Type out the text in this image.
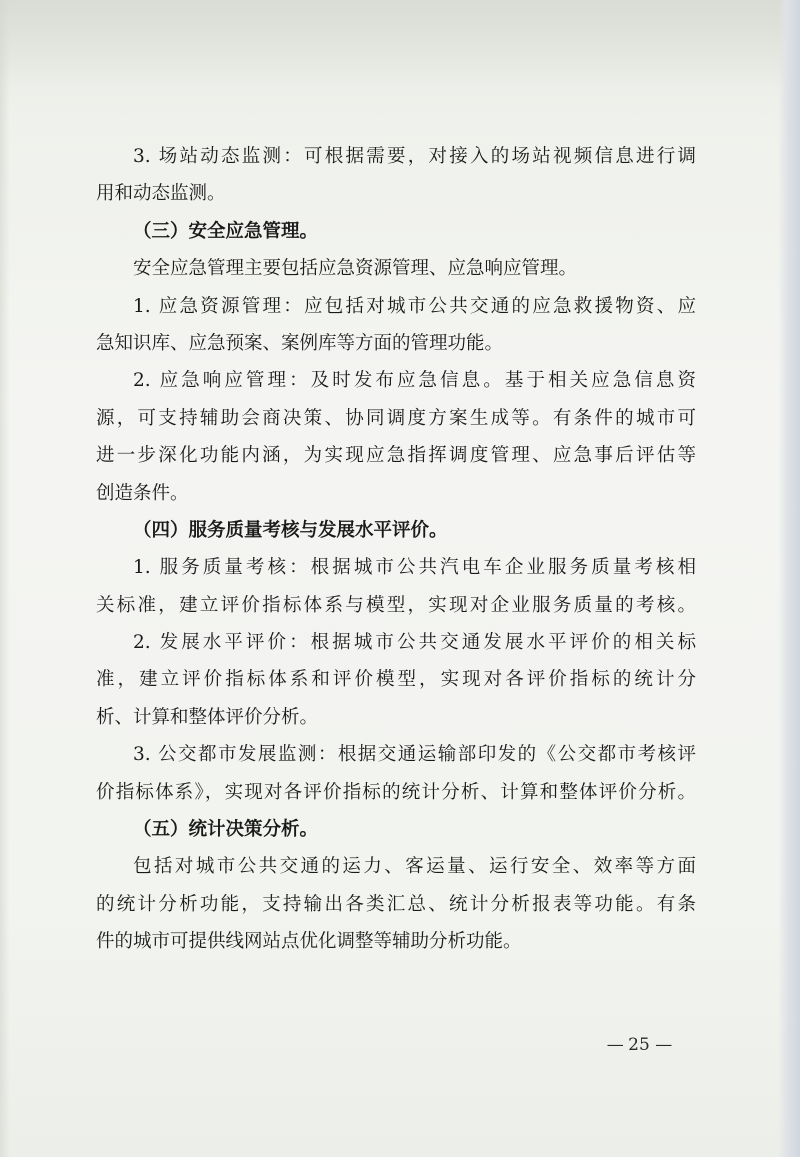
3. 场站动态监测：可根据需要，对接入的场站视频信息进行调
用和动态监测。
（三）安全应急管理。
安全应急管理主要包括应急资源管理、应急响应管理。
1. 应急资源管理：应包括对城市公共交通的应急救援物资、应
急知识库、应急预案、案例库等方面的管理功能。
2. 应急响应管理：及时发布应急信息。基于相关应急信息资
源，可支持辅助会商决策、协同调度方案生成等。有条件的城市可
进一步深化功能内涵，为实现应急指挥调度管理、应急事后评估等
创造条件。
（四）服务质量考核与发展水平评价。
1. 服务质量考核：根据城市公共汽电车企业服务质量考核相
关标准，建立评价指标体系与模型，实现对企业服务质量的考核。
2. 发展水平评价：根据城市公共交通发展水平评价的相关标
准，建立评价指标体系和评价模型，实现对各评价指标的统计分
析、计算和整体评价分析。
3. 公交都市发展监测：根据交通运输部印发的《公交都市考核评
价指标体系》，实现对各评价指标的统计分析、计算和整体评价分析。
（五）统计决策分析。
包括对城市公共交通的运力、客运量、运行安全、效率等方面
的统计分析功能，支持输出各类汇总、统计分析报表等功能。有条
件的城市可提供线网站点优化调整等辅助分析功能。
— 25 —
